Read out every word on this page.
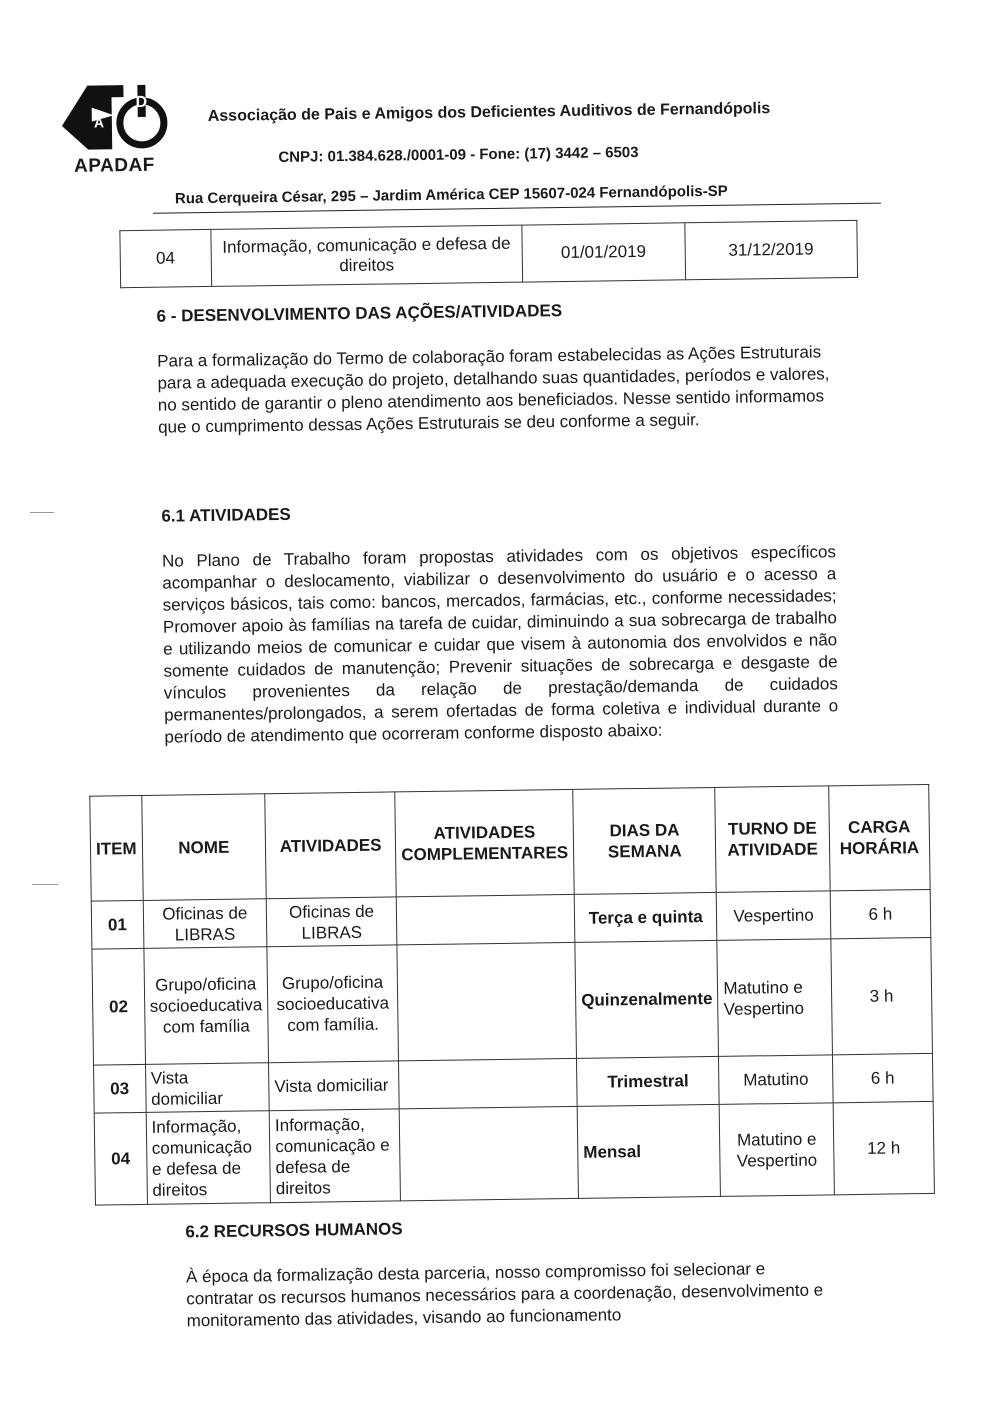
A
D
APADAF
Associação de Pais e Amigos dos Deficientes Auditivos de Fernandópolis
CNPJ: 01.384.628./0001-09 - Fone: (17) 3442 – 6503
Rua Cerqueira César, 295 – Jardim América CEP 15607-024 Fernandópolis-SP
04	Informação, comunicação e defesa de direitos	01/01/2019	31/12/2019
6 - DESENVOLVIMENTO DAS AÇÕES/ATIVIDADES

Para a formalização do Termo de colaboração foram estabelecidas as Ações Estruturais para a adequada execução do projeto, detalhando suas quantidades, períodos e valores, no sentido de garantir o pleno atendimento aos beneficiados. Nesse sentido informamos que o cumprimento dessas Ações Estruturais se deu conforme a seguir.

6.1 ATIVIDADES

No Plano de Trabalho foram propostas atividades com os objetivos específicos acompanhar o deslocamento, viabilizar o desenvolvimento do usuário e o acesso a serviços básicos, tais como: bancos, mercados, farmácias, etc., conforme necessidades; Promover apoio às famílias na tarefa de cuidar, diminuindo a sua sobrecarga de trabalho e utilizando meios de comunicar e cuidar que visem à autonomia dos envolvidos e não somente cuidados de manutenção; Prevenir situações de sobrecarga e desgaste de vínculos provenientes da relação de prestação/demanda de cuidados permanentes/prolongados, a serem ofertadas de forma coletiva e individual durante o período de atendimento que ocorreram conforme disposto abaixo:

ITEM	NOME	ATIVIDADES	ATIVIDADES COMPLEMENTARES	DIAS DA SEMANA	TURNO DE ATIVIDADE	CARGA HORÁRIA
01	Oficinas de LIBRAS	Oficinas de LIBRAS		Terça e quinta	Vespertino	6 h
02	Grupo/oficina socioeducativa com família	Grupo/oficina socioeducativa com família.		Quinzenalmente	Matutino e Vespertino	3 h
03	Vista domiciliar	Vista domiciliar		Trimestral	Matutino	6 h
04	Informação, comunicação e defesa de direitos	Informação, comunicação e defesa de direitos		Mensal	Matutino e Vespertino	12 h
6.2 RECURSOS HUMANOS

À época da formalização desta parceria, nosso compromisso foi selecionar e contratar os recursos humanos necessários para a coordenação, desenvolvimento e monitoramento das atividades, visando ao funcionamento
